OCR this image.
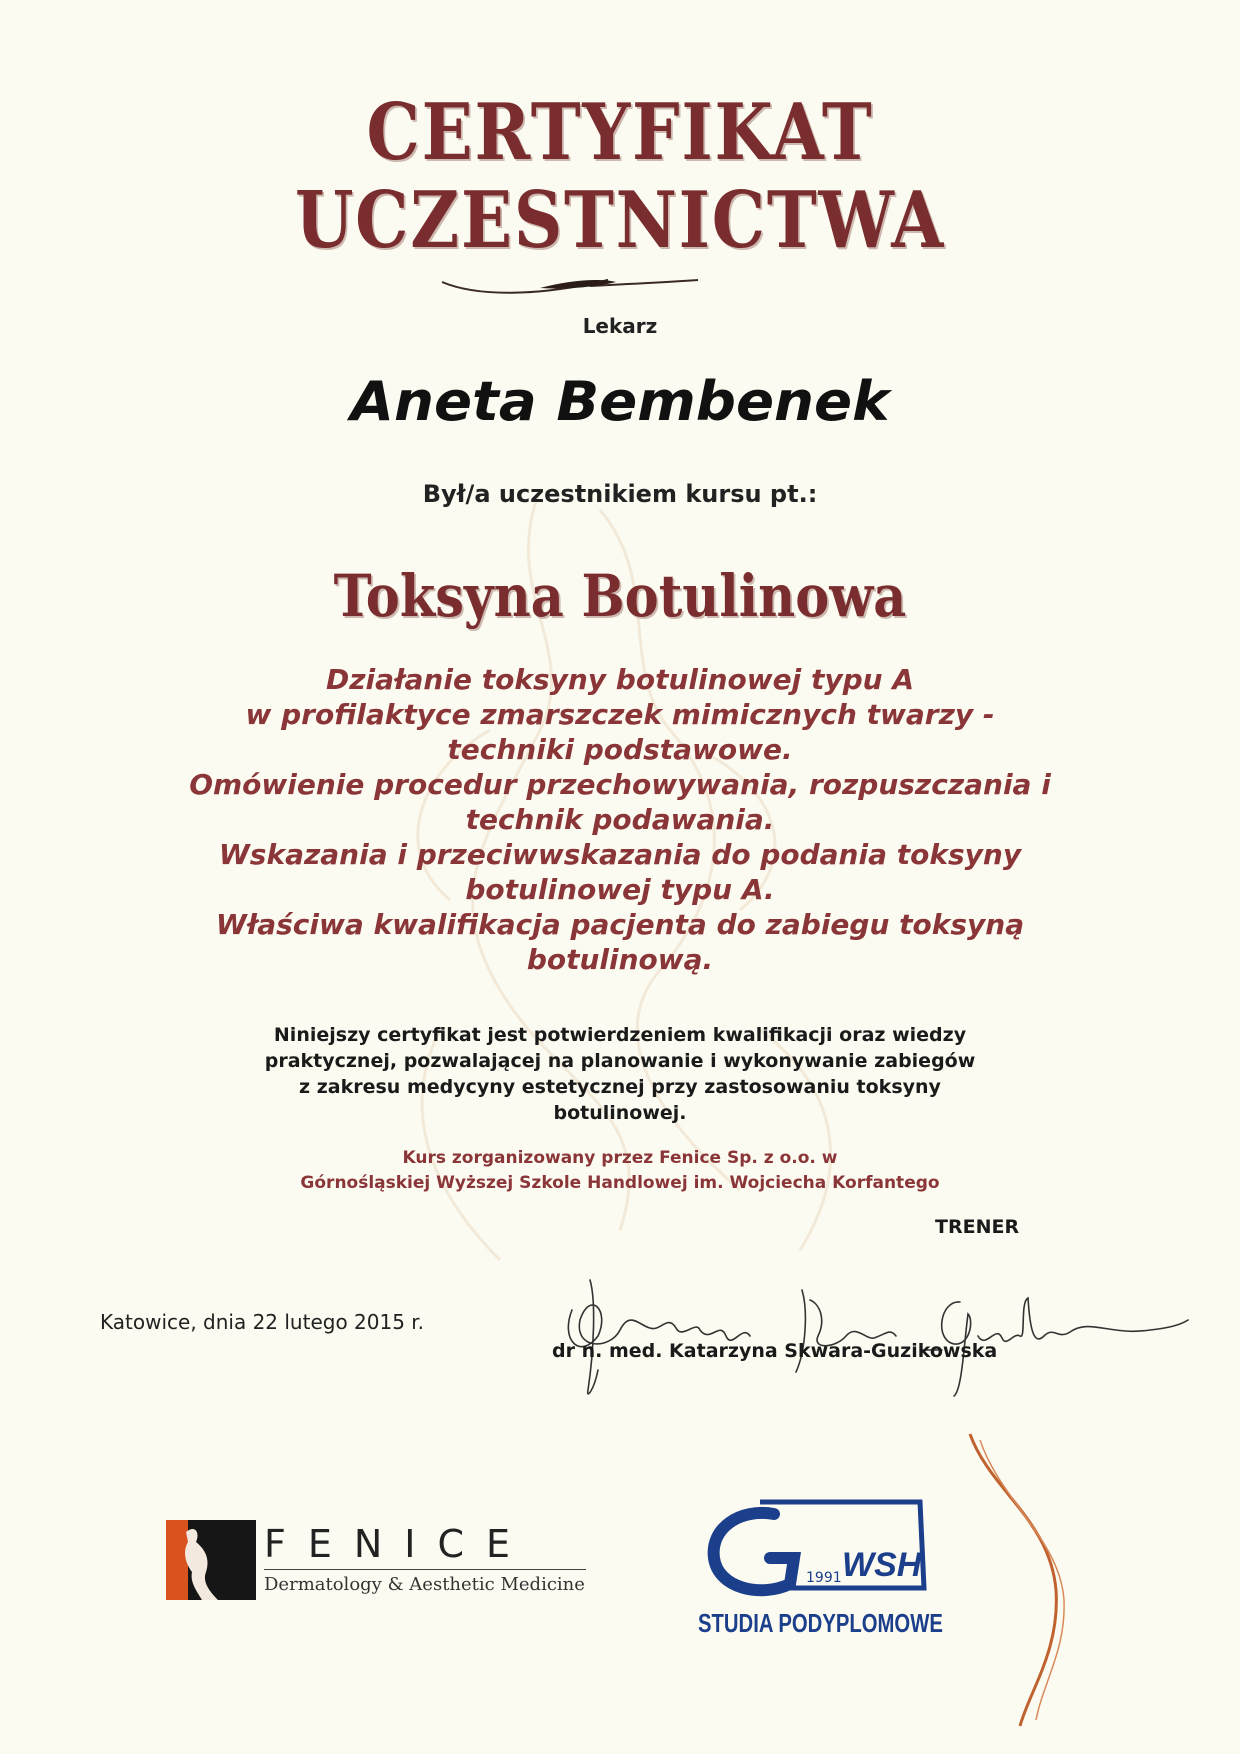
CERTYFIKAT
UCZESTNICTWA
Lekarz
Aneta Bembenek
Był/a uczestnikiem kursu pt.:
Toksyna Botulinowa
Działanie toksyny botulinowej typu A
w profilaktyce zmarszczek mimicznych twarzy -
techniki podstawowe.
Omówienie procedur przechowywania, rozpuszczania i
technik podawania.
Wskazania i przeciwwskazania do podania toksyny
botulinowej typu A.
Właściwa kwalifikacja pacjenta do zabiegu toksyną
botulinową.
Niniejszy certyfikat jest potwierdzeniem kwalifikacji oraz wiedzy
praktycznej, pozwalającej na planowanie i wykonywanie zabiegów
z zakresu medycyny estetycznej przy zastosowaniu toksyny
botulinowej.
Kurs zorganizowany przez Fenice Sp. z o.o. w
Górnośląskiej Wyższej Szkole Handlowej im. Wojciecha Korfantego
TRENER
Katowice, dnia 22 lutego 2015 r.
dr n. med. Katarzyna Skwara-Guzikowska
FENICE
Dermatology & Aesthetic Medicine	1991 WSH
STUDIA PODYPLOMOWE
